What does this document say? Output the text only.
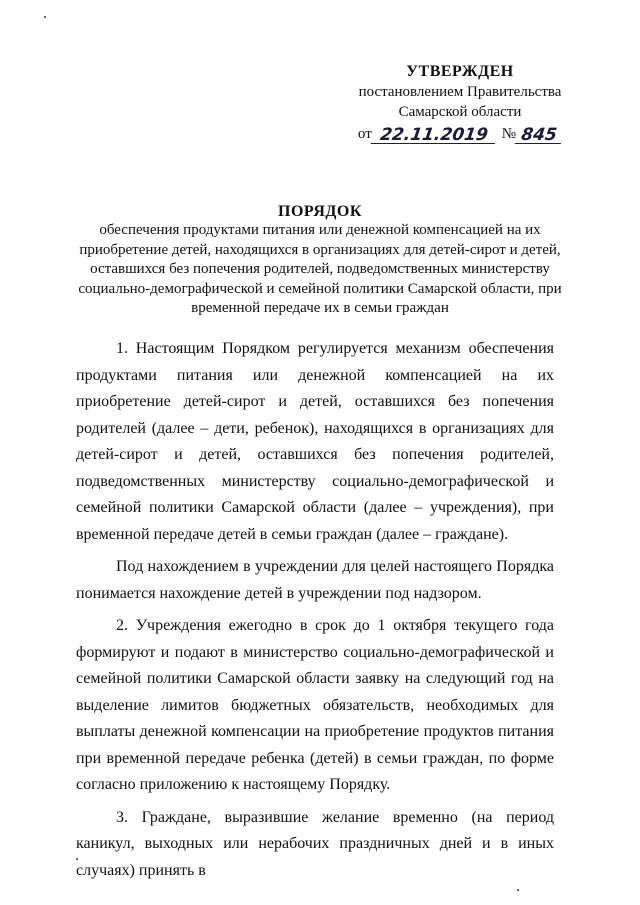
УТВЕРЖДЕН
постановлением Правительства
Самарской области
от 22.11.2019 № 845
ПОРЯДОК
обеспечения продуктами питания или денежной компенсацией на их приобретение детей, находящихся в организациях для детей-сирот и детей, оставшихся без попечения родителей, подведомственных министерству социально-демографической и семейной политики Самарской области, при временной передаче их в семьи граждан

1. Настоящим Порядком регулируется механизм обеспечения продуктами питания или денежной компенсацией на их приобретение детей-сирот и детей, оставшихся без попечения родителей (далее – дети, ребенок), находящихся в организациях для детей-сирот и детей, оставшихся без попечения родителей, подведомственных министерству социально-демографической и семейной политики Самарской области (далее – учреждения), при временной передаче детей в семьи граждан (далее – граждане).

Под нахождением в учреждении для целей настоящего Порядка понимается нахождение детей в учреждении под надзором.

2. Учреждения ежегодно в срок до 1 октября текущего года формируют и подают в министерство социально-демографической и семейной политики Самарской области заявку на следующий год на выделение лимитов бюджетных обязательств, необходимых для выплаты денежной компенсации на приобретение продуктов питания при временной передаче ребенка (детей) в семьи граждан, по форме согласно приложению к настоящему Порядку.

3. Граждане, выразившие желание временно (на период каникул, выходных или нерабочих праздничных дней и в иных случаях) принять в
